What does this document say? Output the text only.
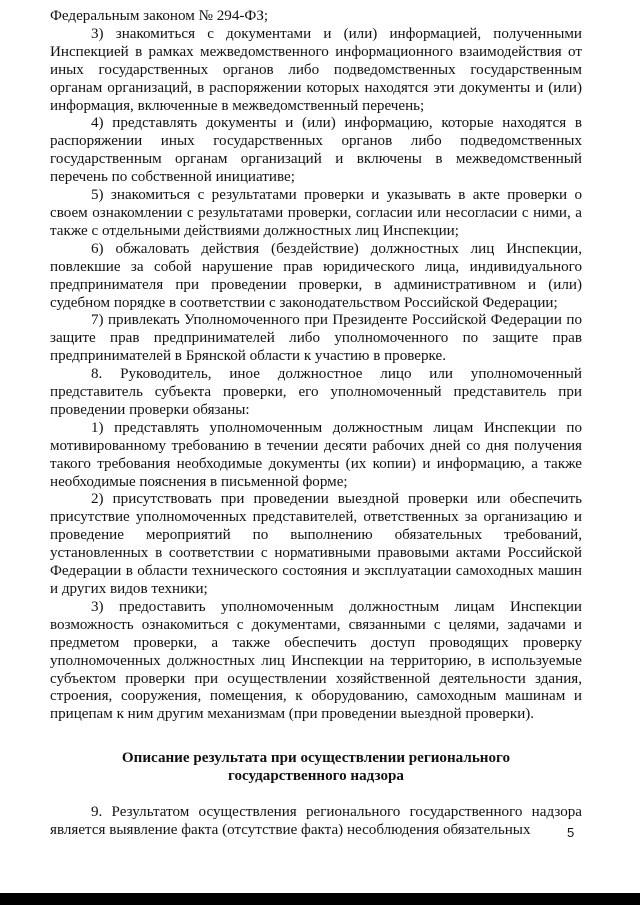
Федеральным законом № 294-ФЗ;

3) знакомиться с документами и (или) информацией, полученными Инспекцией в рамках межведомственного информационного взаимодействия от иных государственных органов либо подведомственных государственным органам организаций, в распоряжении которых находятся эти документы и (или) информация, включенные в межведомственный перечень;

4) представлять документы и (или) информацию, которые находятся в распоряжении иных государственных органов либо подведомственных государственным органам организаций и включены в межведомственный перечень по собственной инициативе;

5) знакомиться с результатами проверки и указывать в акте проверки о своем ознакомлении с результатами проверки, согласии или несогласии с ними, а также с отдельными действиями должностных лиц Инспекции;

6) обжаловать действия (бездействие) должностных лиц Инспекции, повлекшие за собой нарушение прав юридического лица, индивидуального предпринимателя при проведении проверки, в административном и (или) судебном порядке в соответствии с законодательством Российской Федерации;

7) привлекать Уполномоченного при Президенте Российской Федерации по защите прав предпринимателей либо уполномоченного по защите прав предпринимателей в Брянской области к участию в проверке.

8. Руководитель, иное должностное лицо или уполномоченный представитель субъекта проверки, его уполномоченный представитель при проведении проверки обязаны:

1) представлять уполномоченным должностным лицам Инспекции по мотивированному требованию в течении десяти рабочих дней со дня получения такого требования необходимые документы (их копии) и информацию, а также необходимые пояснения в письменной форме;

2) присутствовать при проведении выездной проверки или обеспечить присутствие уполномоченных представителей, ответственных за организацию и проведение мероприятий по выполнению обязательных требований, установленных в соответствии с нормативными правовыми актами Российской Федерации в области технического состояния и эксплуатации самоходных машин и других видов техники;

3) предоставить уполномоченным должностным лицам Инспекции возможность ознакомиться с документами, связанными с целями, задачами и предметом проверки, а также обеспечить доступ проводящих проверку уполномоченных должностных лиц Инспекции на территорию, в используемые субъектом проверки при осуществлении хозяйственной деятельности здания, строения, сооружения, помещения, к оборудованию, самоходным машинам и прицепам к ним другим механизмам (при проведении выездной проверки).

Описание результата при осуществлении регионального
государственного надзора

9. Результатом осуществления регионального государственного надзора является выявление факта (отсутствие факта) несоблюдения обязательных	5
